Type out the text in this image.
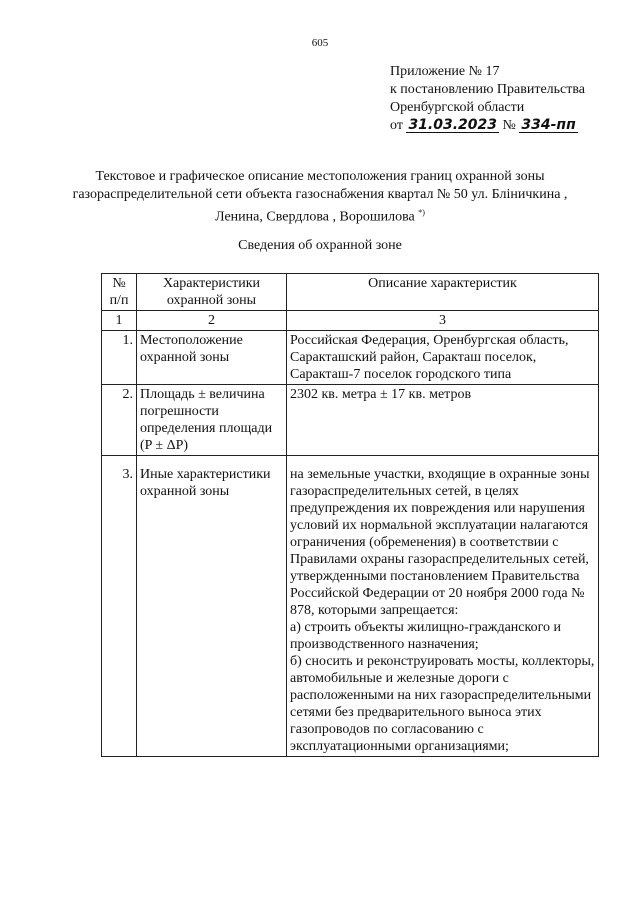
605
Приложение № 17
к постановлению Правительства
Оренбургской области
от 31.03.2023 № 334-пп
Текстовое и графическое описание местоположения границ охранной зоны газораспределительной сети объекта газоснабжения квартал № 50 ул. Бліничкина , Ленина, Свердлова , Ворошилова *)
Сведения об охранной зоне
№ п/п	Характеристики охранной зоны	Описание характеристик
1	2	3
1.	Местоположение охранной зоны	Российская Федерация, Оренбургская область, Саракташский район, Саракташ поселок, Саракташ-7 поселок городского типа
2.	Площадь ± величина погрешности определения площади (P ± ΔP)	2302 кв. метра ± 17 кв. метров
3.	Иные характеристики охранной зоны	на земельные участки, входящие в охранные зоны газораспределительных сетей, в целях предупреждения их повреждения или нарушения условий их нормальной эксплуатации налагаются ограничения (обременения) в соответствии с Правилами охраны газораспределительных сетей, утвержденными постановлением Правительства Российской Федерации от 20 ноября 2000 года № 878, которыми запрещается:
а) строить объекты жилищно-гражданского и производственного назначения;
б) сносить и реконструировать мосты, коллекторы, автомобильные и железные дороги с расположенными на них газораспределительными сетями без предварительного выноса этих газопроводов по согласованию с эксплуатационными организациями;
